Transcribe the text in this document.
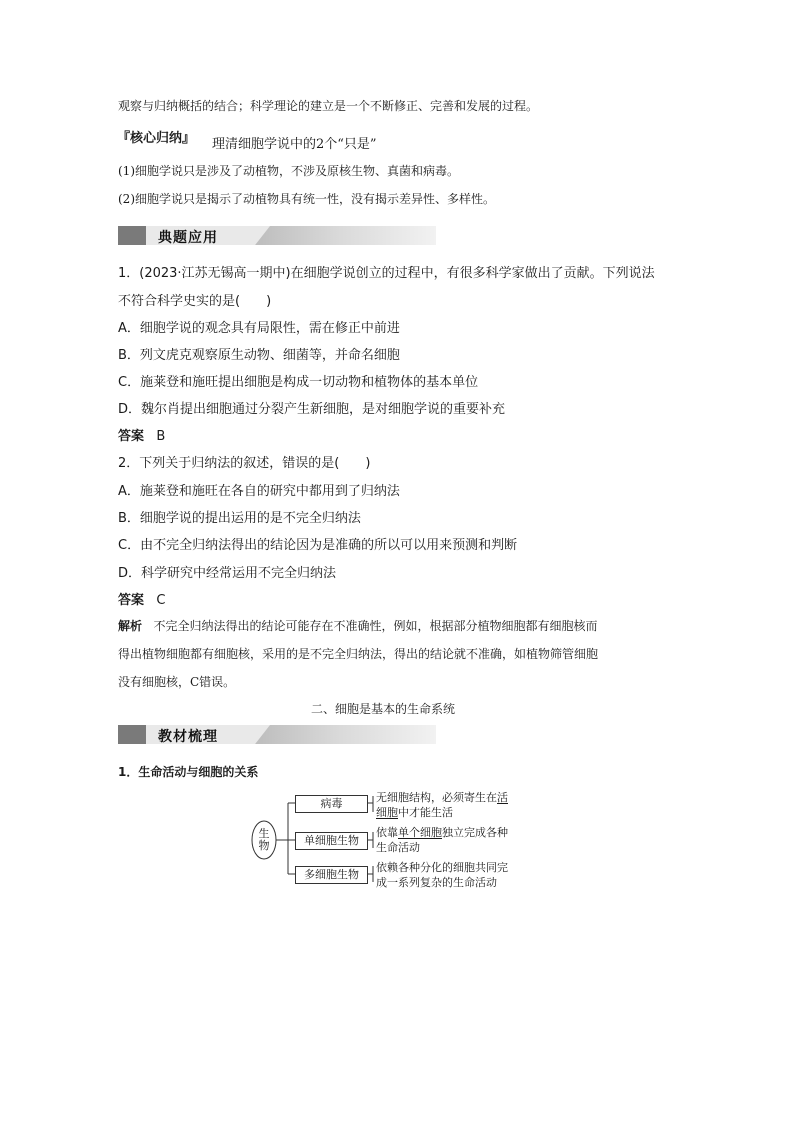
观察与归纳概括的结合；科学理论的建立是一个不断修正、完善和发展的过程。
『核心归纳』 理清细胞学说中的2个“只是”
(1)细胞学说只是涉及了动植物，不涉及原核生物、真菌和病毒。
(2)细胞学说只是揭示了动植物具有统一性，没有揭示差异性、多样性。
典题应用
1．(2023·江苏无锡高一期中)在细胞学说创立的过程中，有很多科学家做出了贡献。下列说法
不符合科学史实的是(　　)
A．细胞学说的观念具有局限性，需在修正中前进
B．列文虎克观察原生动物、细菌等，并命名细胞
C．施莱登和施旺提出细胞是构成一切动物和植物体的基本单位
D．魏尔肖提出细胞通过分裂产生新细胞，是对细胞学说的重要补充
答案 B
2．下列关于归纳法的叙述，错误的是(　　)
A．施莱登和施旺在各自的研究中都用到了归纳法
B．细胞学说的提出运用的是不完全归纳法
C．由不完全归纳法得出的结论因为是准确的所以可以用来预测和判断
D．科学研究中经常运用不完全归纳法
答案 C
解析 不完全归纳法得出的结论可能存在不准确性，例如，根据部分植物细胞都有细胞核而
得出植物细胞都有细胞核，采用的是不完全归纳法，得出的结论就不准确，如植物筛管细胞
没有细胞核，C错误。
二、细胞是基本的生命系统
教材梳理
1．生命活动与细胞的关系
生物
病毒
单细胞生物
多细胞生物
无细胞结构，必须寄生在活
细胞中才能生活
依靠单个细胞独立完成各种
生命活动
依赖各种分化的细胞共同完
成一系列复杂的生命活动
